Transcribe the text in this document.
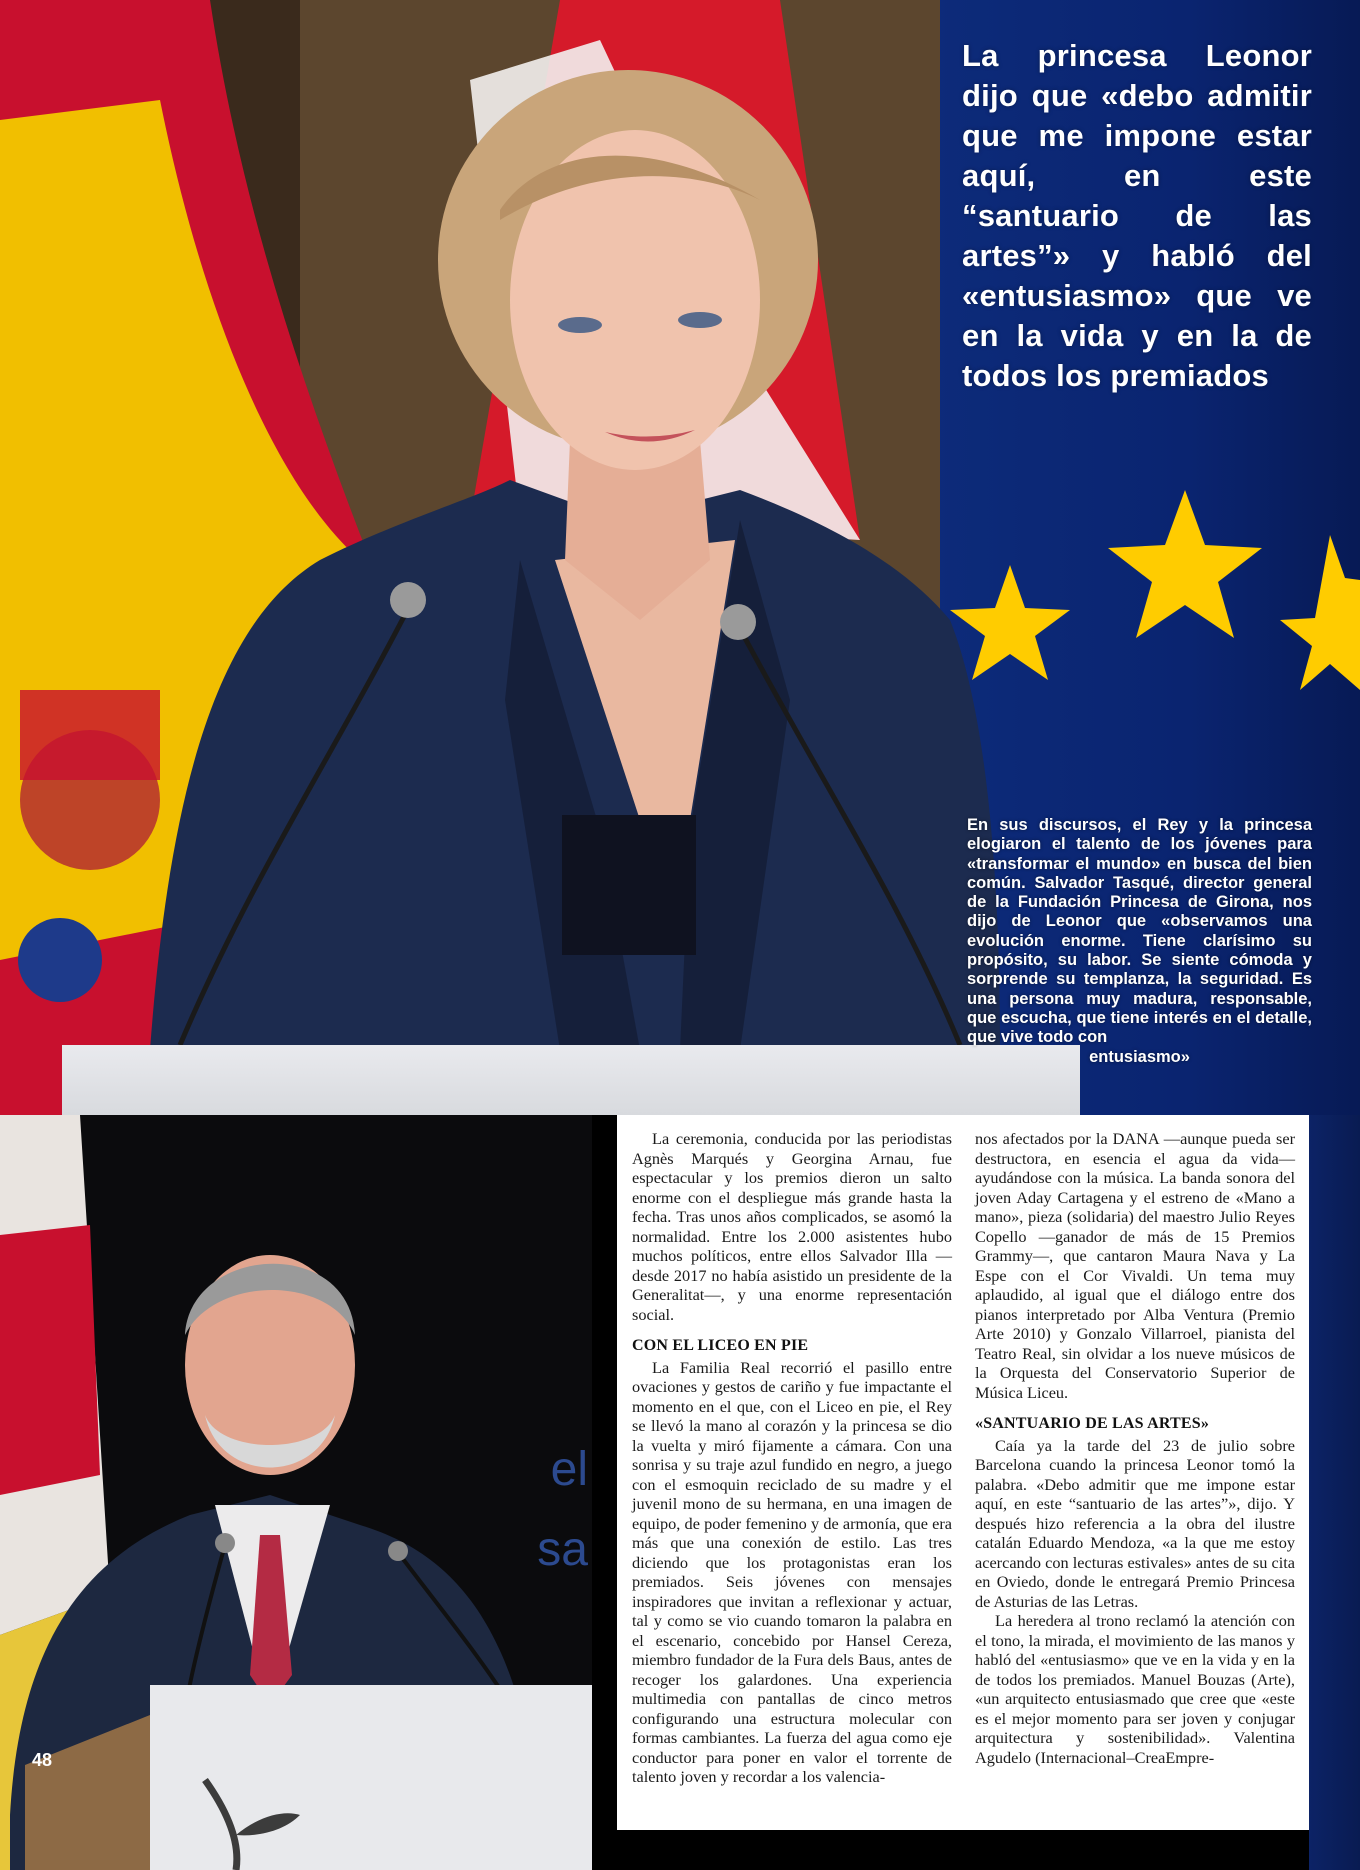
La princesa Leonor dijo que «debo admitir que me impone estar aquí, en este “santuario de las artes”» y habló del «entusiasmo» que ve en la vida y en la de todos los premiados
En sus discursos, el Rey y la princesa elogiaron el talento de los jóvenes para «transformar el mundo» en busca del bien común. Salvador Tasqué, director general de la Fundación Princesa de Girona, nos dijo de Leonor que «observamos una evolución enorme. Tiene clarísimo su propósito, su labor. Se siente cómoda y sorprende su templanza, la seguridad. Es una persona muy madura, responsable, que escucha, que tiene interés en el detalle, que vive todo con
entusiasmo»
el
sa
48

La ceremonia, conducida por las periodistas Agnès Marqués y Georgina Arnau, fue espectacular y los premios dieron un salto enorme con el despliegue más grande hasta la fecha. Tras unos años complicados, se asomó la normalidad. Entre los 2.000 asistentes hubo muchos políticos, entre ellos Salvador Illa —desde 2017 no había asistido un presidente de la Generalitat—, y una enorme representación social.

CON EL LICEO EN PIE

La Familia Real recorrió el pasillo entre ovaciones y gestos de cariño y fue impactante el momento en el que, con el Liceo en pie, el Rey se llevó la mano al corazón y la princesa se dio la vuelta y miró fijamente a cámara. Con una sonrisa y su traje azul fundido en negro, a juego con el esmoquin reciclado de su madre y el juvenil mono de su hermana, en una imagen de equipo, de poder femenino y de armonía, que era más que una conexión de estilo. Las tres diciendo que los protagonistas eran los premiados. Seis jóvenes con mensajes inspiradores que invitan a reflexionar y actuar, tal y como se vio cuando tomaron la palabra en el escenario, concebido por Hansel Cereza, miembro fundador de la Fura dels Baus, antes de recoger los galardones. Una experiencia multimedia con pantallas de cinco metros configurando una estructura molecular con formas cambiantes. La fuerza del agua como eje conductor para poner en valor el torrente de talento joven y recordar a los valencia-

nos afectados por la DANA —aunque pueda ser destructora, en esencia el agua da vida— ayudándose con la música. La banda sonora del joven Aday Cartagena y el estreno de «Mano a mano», pieza (solidaria) del maestro Julio Reyes Copello —ganador de más de 15 Premios Grammy—, que cantaron Maura Nava y La Espe con el Cor Vivaldi. Un tema muy aplaudido, al igual que el diálogo entre dos pianos interpretado por Alba Ventura (Premio Arte 2010) y Gonzalo Villarroel, pianista del Teatro Real, sin olvidar a los nueve músicos de la Orquesta del Conservatorio Superior de Música Liceu.

«SANTUARIO DE LAS ARTES»

Caía ya la tarde del 23 de julio sobre Barcelona cuando la princesa Leonor tomó la palabra. «Debo admitir que me impone estar aquí, en este “santuario de las artes”», dijo. Y después hizo referencia a la obra del ilustre catalán Eduardo Mendoza, «a la que me estoy acercando con lecturas estivales» antes de su cita en Oviedo, donde le entregará Premio Princesa de Asturias de las Letras.

La heredera al trono reclamó la atención con el tono, la mirada, el movimiento de las manos y habló del «entusiasmo» que ve en la vida y en la de todos los premiados. Manuel Bouzas (Arte), «un arquitecto entusiasmado que cree que «este es el mejor momento para ser joven y conjugar arquitectura y sostenibilidad». Valentina Agudelo (Internacional–CreaEmpre-
